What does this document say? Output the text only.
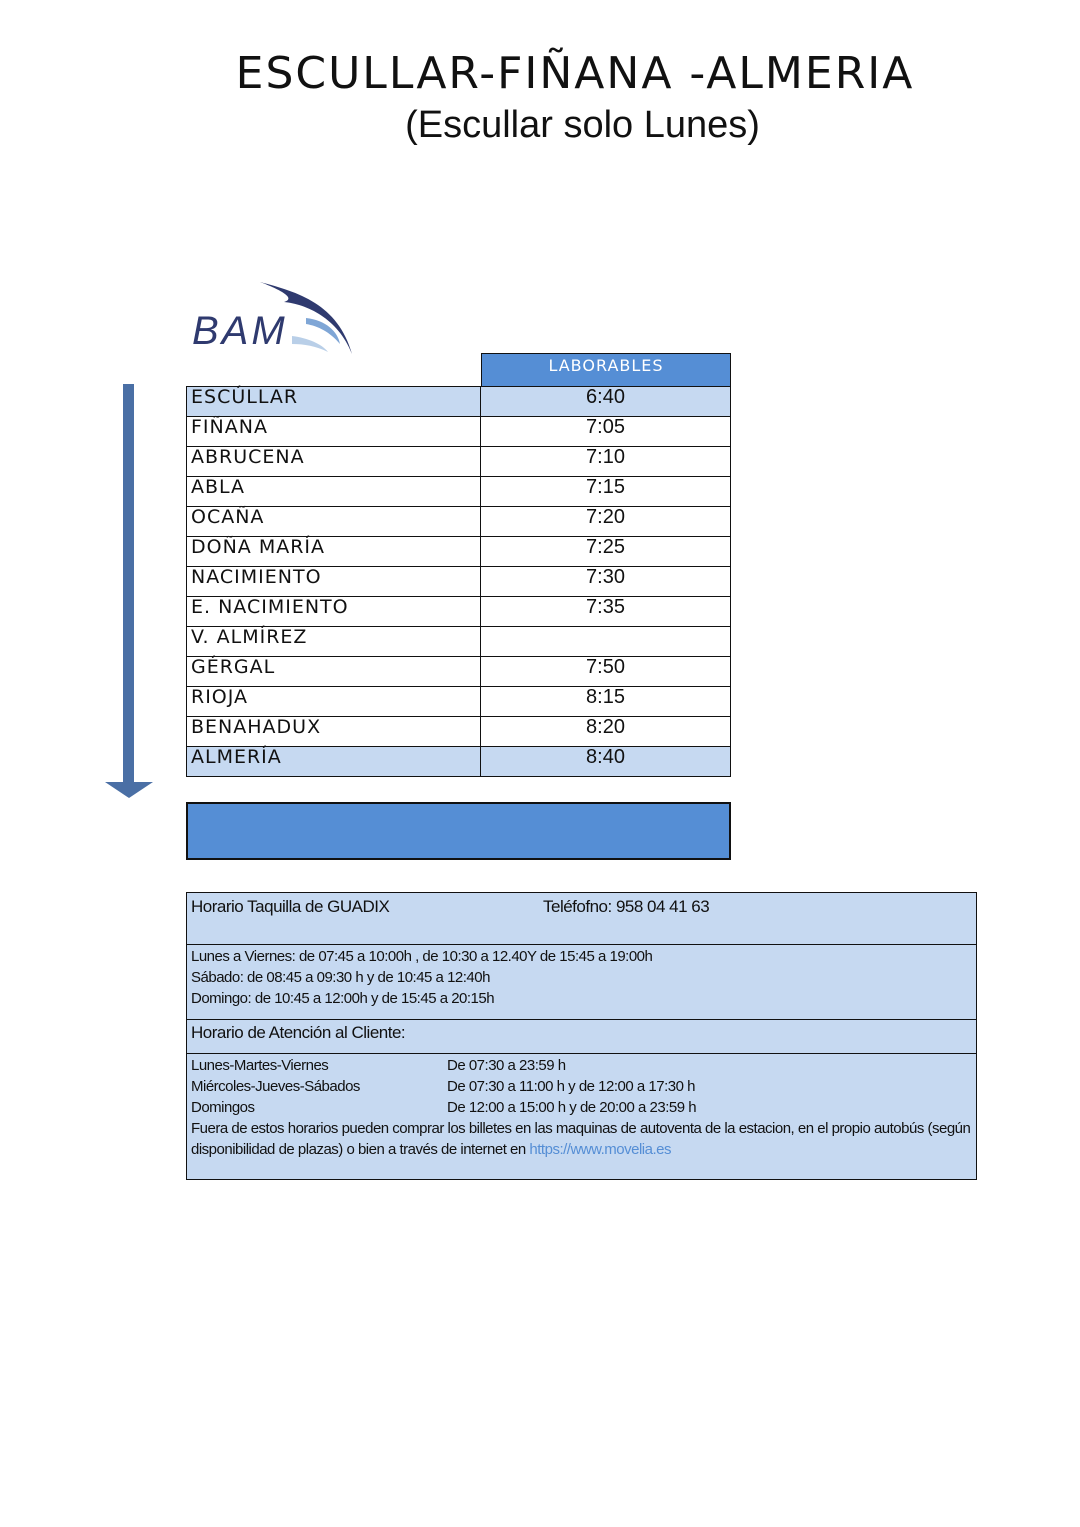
ESCULLAR-FIÑANA -ALMERIA
(Escullar solo Lunes)
BAM
LABORABLES
ESCÚLLAR	6:40
FIÑANA	7:05
ABRUCENA	7:10
ABLA	7:15
OCAÑA	7:20
DOÑA MARÍA	7:25
NACIMIENTO	7:30
E. NACIMIENTO	7:35
V. ALMÍREZ	
GÉRGAL	7:50
RIOJA	8:15
BENAHADUX	8:20
ALMERÍA	8:40
Horario Taquilla de GUADIX	Teléfofno: 958 04 41 63
Lunes a Viernes: de 07:45 a 10:00h , de 10:30 a 12.40Y de 15:45 a 19:00h
Sábado: de 08:45 a 09:30 h y de 10:45 a 12:40h
Domingo: de 10:45 a 12:00h y de 15:45 a 20:15h
Horario de Atención al Cliente:
Lunes-Martes-Viernes	De 07:30 a 23:59 h
Miércoles-Jueves-Sábados	De 07:30 a 11:00 h y de 12:00 a 17:30 h
Domingos	De 12:00 a 15:00 h y de 20:00 a 23:59 h
Fuera de estos horarios pueden comprar los billetes en las maquinas de autoventa de la estacion, en el propio autobús (según disponibilidad de plazas) o bien a través de internet en https://www.movelia.es
